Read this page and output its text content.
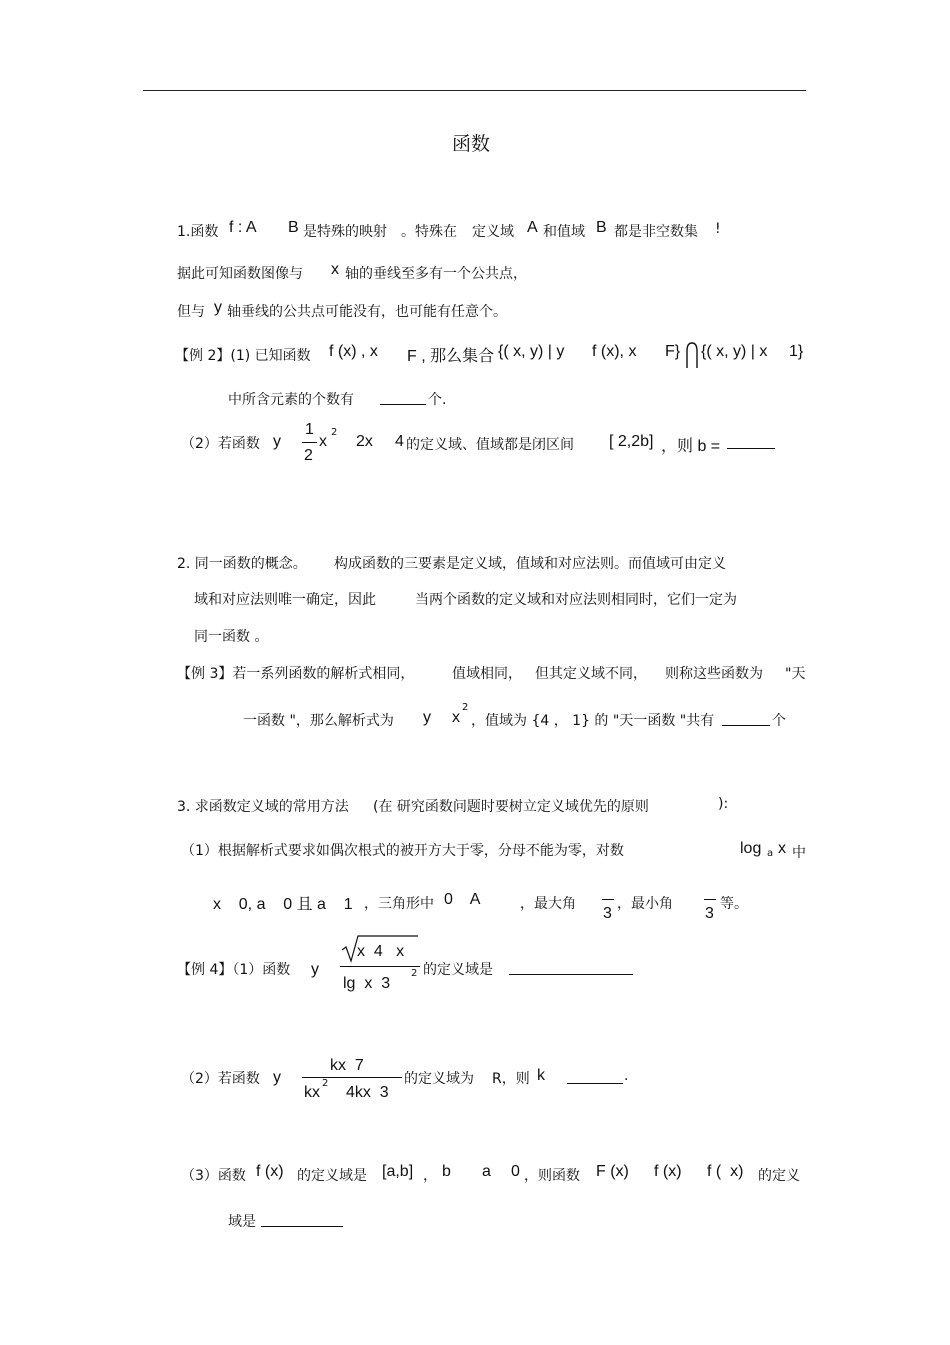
函数
1.函数 f : A B 是特殊的映射 。特殊在 定义域 A 和值域 B 都是非空数集 !
据此可知函数图像与 x 轴的垂线至多有一个公共点，
但与 y 轴垂线的公共点可能没有，也可能有任意个。
【例 2】(1) 已知函数 f (x) , x F , 那么集合 {( x, y) | y f (x), x F} {( x, y) | x 1}
中所含元素的个数有	个.
（2）若函数 y
1
2
x
2
2x 4 的定义域、值域都是闭区间 [ 2,2b] ，则 b =
2. 同一函数的概念。 构成函数的三要素是定义域，值域和对应法则。而值域可由定义
域和对应法则唯一确定，因此	当两个函数的定义域和对应法则相同时，它们一定为
同一函数 。
【例 3】若一系列函数的解析式相同，	值域相同， 但其定义域不同， 则称这些函数为 "天
一函数 "，那么解析式为 y x
2
，值域为 {4 ， 1} 的 "天一函数 "共有	个
3. 求函数定义域的常用方法 (在 研究函数问题时要树立定义域优先的原则	):
（1）根据解析式要求如偶次根式的被开方大于零，分母不能为零，对数	log a x 中
x    0, a    0 且 a    1 ，三角形中 0    A	，最大角
3
，最小角
3
等。
【例 4】（1）函数 y
x  4   x
lg  x  3
2 的定义域是
（2）若函数 y
kx  7
kx
2
4kx  3
的定义域为 R，则 k	.
（3）函数 f (x) 的定义域是 [a,b] ， b a 0 ，则函数 F (x) f (x) f (  x) 的定义
域是
